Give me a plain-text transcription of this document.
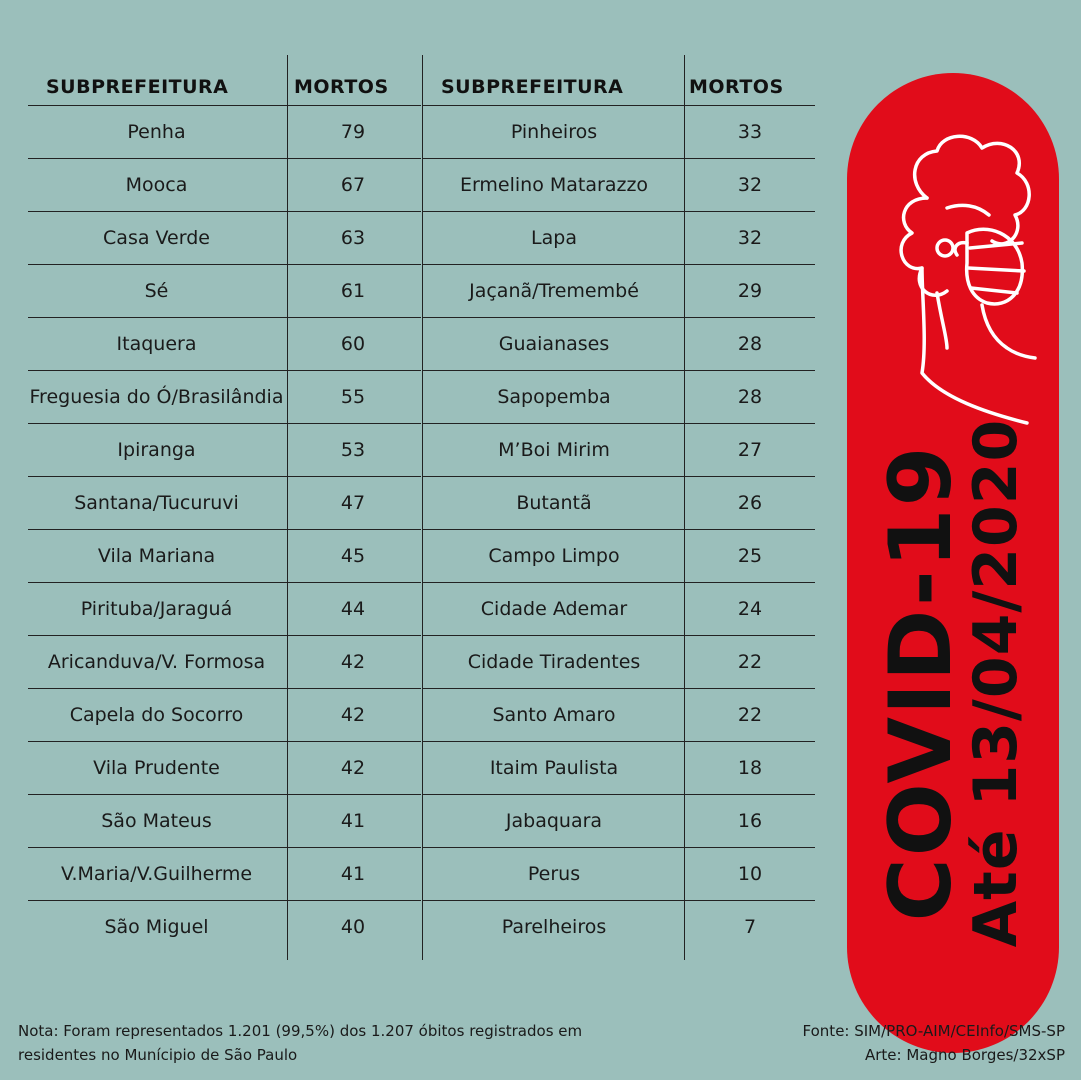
SUBPREFEITURA	MORTOS
Penha	79
Mooca	67
Casa Verde	63
Sé	61
Itaquera	60
Freguesia do Ó/Brasilândia	55
Ipiranga	53
Santana/Tucuruvi	47
Vila Mariana	45
Pirituba/Jaraguá	44
Aricanduva/V. Formosa	42
Capela do Socorro	42
Vila Prudente	42
São Mateus	41
V.Maria/V.Guilherme	41
São Miguel	40
SUBPREFEITURA	MORTOS
Pinheiros	33
Ermelino Matarazzo	32
Lapa	32
Jaçanã/Tremembé	29
Guaianases	28
Sapopemba	28
M’Boi Mirim	27
Butantã	26
Campo Limpo	25
Cidade Ademar	24
Cidade Tiradentes	22
Santo Amaro	22
Itaim Paulista	18
Jabaquara	16
Perus	10
Parelheiros	7
COVID-19
Até 13/04/2020
Nota: Foram representados 1.201 (99,5%) dos 1.207 óbitos registrados em residentes no Munícipio de São Paulo
Fonte: SIM/PRO-AIM/CEInfo/SMS-SP
Arte: Magno Borges/32xSP
